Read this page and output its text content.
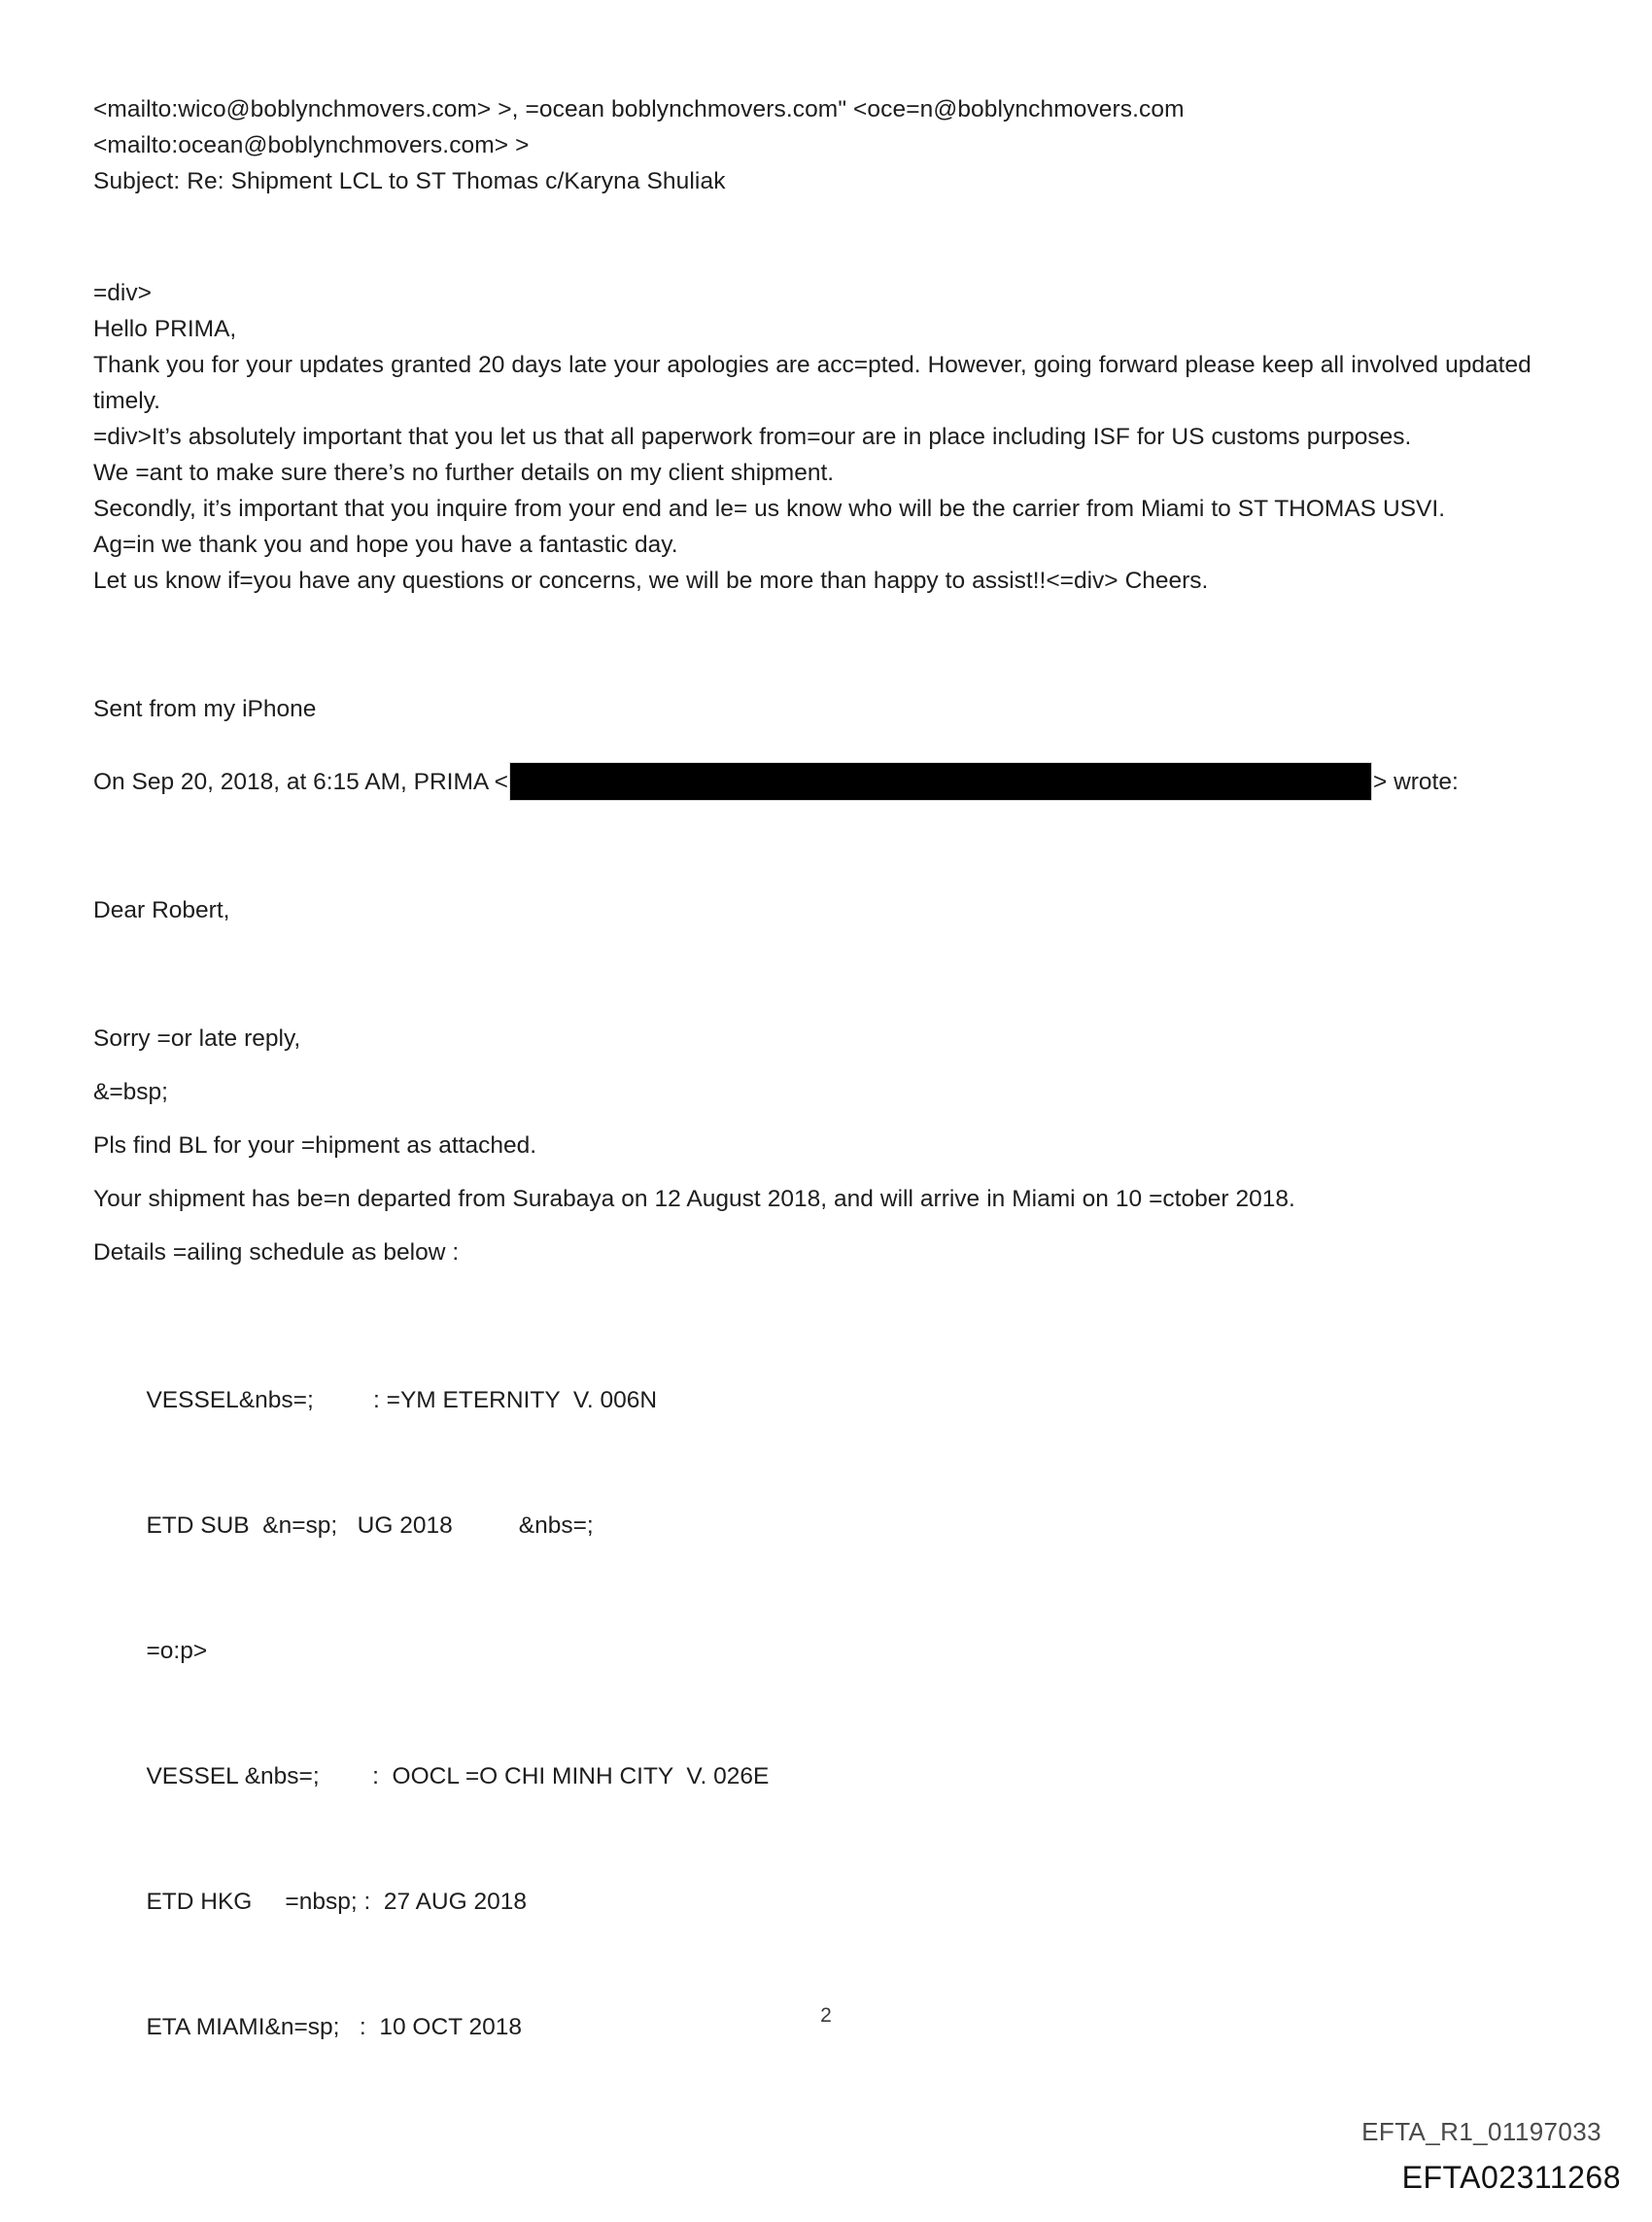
<mailto:wico@boblynchmovers.com> >, =ocean boblynchmovers.com" <oce=n@boblynchmovers.com
<mailto:ocean@boblynchmovers.com> >
Subject: Re: Shipment LCL to ST Thomas c/Karyna Shuliak
=div>
Hello PRIMA,
Thank you for your updates granted 20 days late your apologies are acc=pted. However, going forward please keep all involved updated timely.
=div>It’s absolutely important that you let us that all paperwork from=our are in place including ISF for US customs purposes.
We =ant to make sure there’s no further details on my client shipment.
Secondly, it’s important that you inquire from your end and le= us know who will be the carrier from Miami to ST THOMAS USVI.
Ag=in we thank you and hope you have a fantastic day.
Let us know if=you have any questions or concerns, we will be more than happy to assist!!<=div> Cheers.
Sent from my iPhone
On Sep 20, 2018, at 6:15 AM, PRIMA <	> wrote:
Dear Robert,
Sorry =or late reply,
&=bsp;
Pls find BL for your =hipment as attached.
Your shipment has be=n departed from Surabaya on 12 August 2018, and will arrive in Miami on 10 =ctober 2018.
Details =ailing schedule as below :

VESSEL&nbs=;         : =YM ETERNITY  V. 006N

ETD SUB  &n=sp;   UG 2018          &nbs=;

=o:p>

VESSEL &nbs=;        :  OOCL =O CHI MINH CITY  V. 026E

ETD HKG     =nbsp; :  27 AUG 2018

ETA MIAMI&n=sp;   :  10 OCT 2018
	2
EFTA_R1_01197033
EFTA02311268
